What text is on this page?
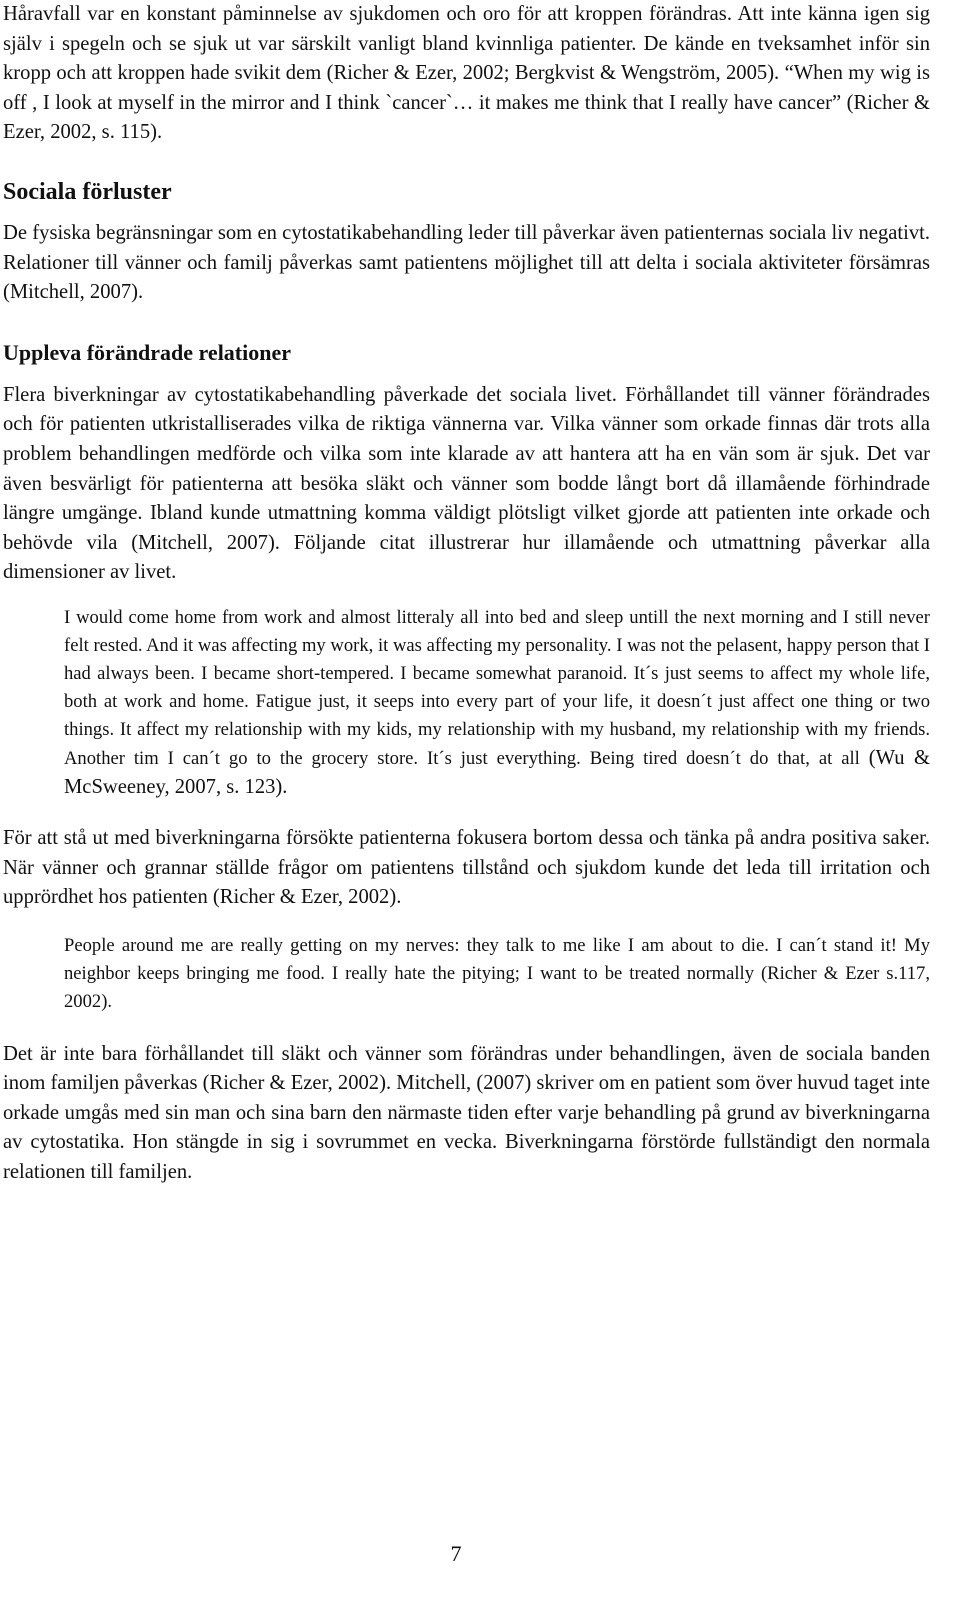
Håravfall var en konstant påminnelse av sjukdomen och oro för att kroppen förändras. Att inte känna igen sig själv i spegeln och se sjuk ut var särskilt vanligt bland kvinnliga patienter. De kände en tveksamhet inför sin kropp och att kroppen hade svikit dem (Richer & Ezer, 2002; Bergkvist & Wengström, 2005). “When my wig is off , I look at myself in the mirror and I think `cancer`… it makes me think that I really have cancer” (Richer & Ezer, 2002, s. 115).

Sociala förluster

De fysiska begränsningar som en cytostatikabehandling leder till påverkar även patienternas sociala liv negativt. Relationer till vänner och familj påverkas samt patientens möjlighet till att delta i sociala aktiviteter försämras (Mitchell, 2007).

Uppleva förändrade relationer

Flera biverkningar av cytostatikabehandling påverkade det sociala livet. Förhållandet till vänner förändrades och för patienten utkristalliserades vilka de riktiga vännerna var. Vilka vänner som orkade finnas där trots alla problem behandlingen medförde och vilka som inte klarade av att hantera att ha en vän som är sjuk. Det var även besvärligt för patienterna att besöka släkt och vänner som bodde långt bort då illamående förhindrade längre umgänge. Ibland kunde utmattning komma väldigt plötsligt vilket gjorde att patienten inte orkade och behövde vila (Mitchell, 2007). Följande citat illustrerar hur illamående och utmattning påverkar alla dimensioner av livet.

I would come home from work and almost litteraly all into bed and sleep untill the next morning and I still never felt rested. And it was affecting my work, it was affecting my personality. I was not the pelasent, happy person that I had always been. I became short-tempered. I became somewhat paranoid. It´s just seems to affect my whole life, both at work and home. Fatigue just, it seeps into every part of your life, it doesn´t just affect one thing or two things. It affect my relationship with my kids, my relationship with my husband, my relationship with my friends. Another tim I can´t go to the grocery store. It´s just everything. Being tired doesn´t do that, at all (Wu & McSweeney, 2007, s. 123).

För att stå ut med biverkningarna försökte patienterna fokusera bortom dessa och tänka på andra positiva saker. När vänner och grannar ställde frågor om patientens tillstånd och sjukdom kunde det leda till irritation och upprördhet hos patienten (Richer & Ezer, 2002).

People around me are really getting on my nerves: they talk to me like I am about to die. I can´t stand it! My neighbor keeps bringing me food. I really hate the pitying; I want to be treated normally (Richer & Ezer s.117, 2002).

Det är inte bara förhållandet till släkt och vänner som förändras under behandlingen, även de sociala banden inom familjen påverkas (Richer & Ezer, 2002). Mitchell, (2007) skriver om en patient som över huvud taget inte orkade umgås med sin man och sina barn den närmaste tiden efter varje behandling på grund av biverkningarna av cytostatika. Hon stängde in sig i sovrummet en vecka. Biverkningarna förstörde fullständigt den normala relationen till familjen.

7
